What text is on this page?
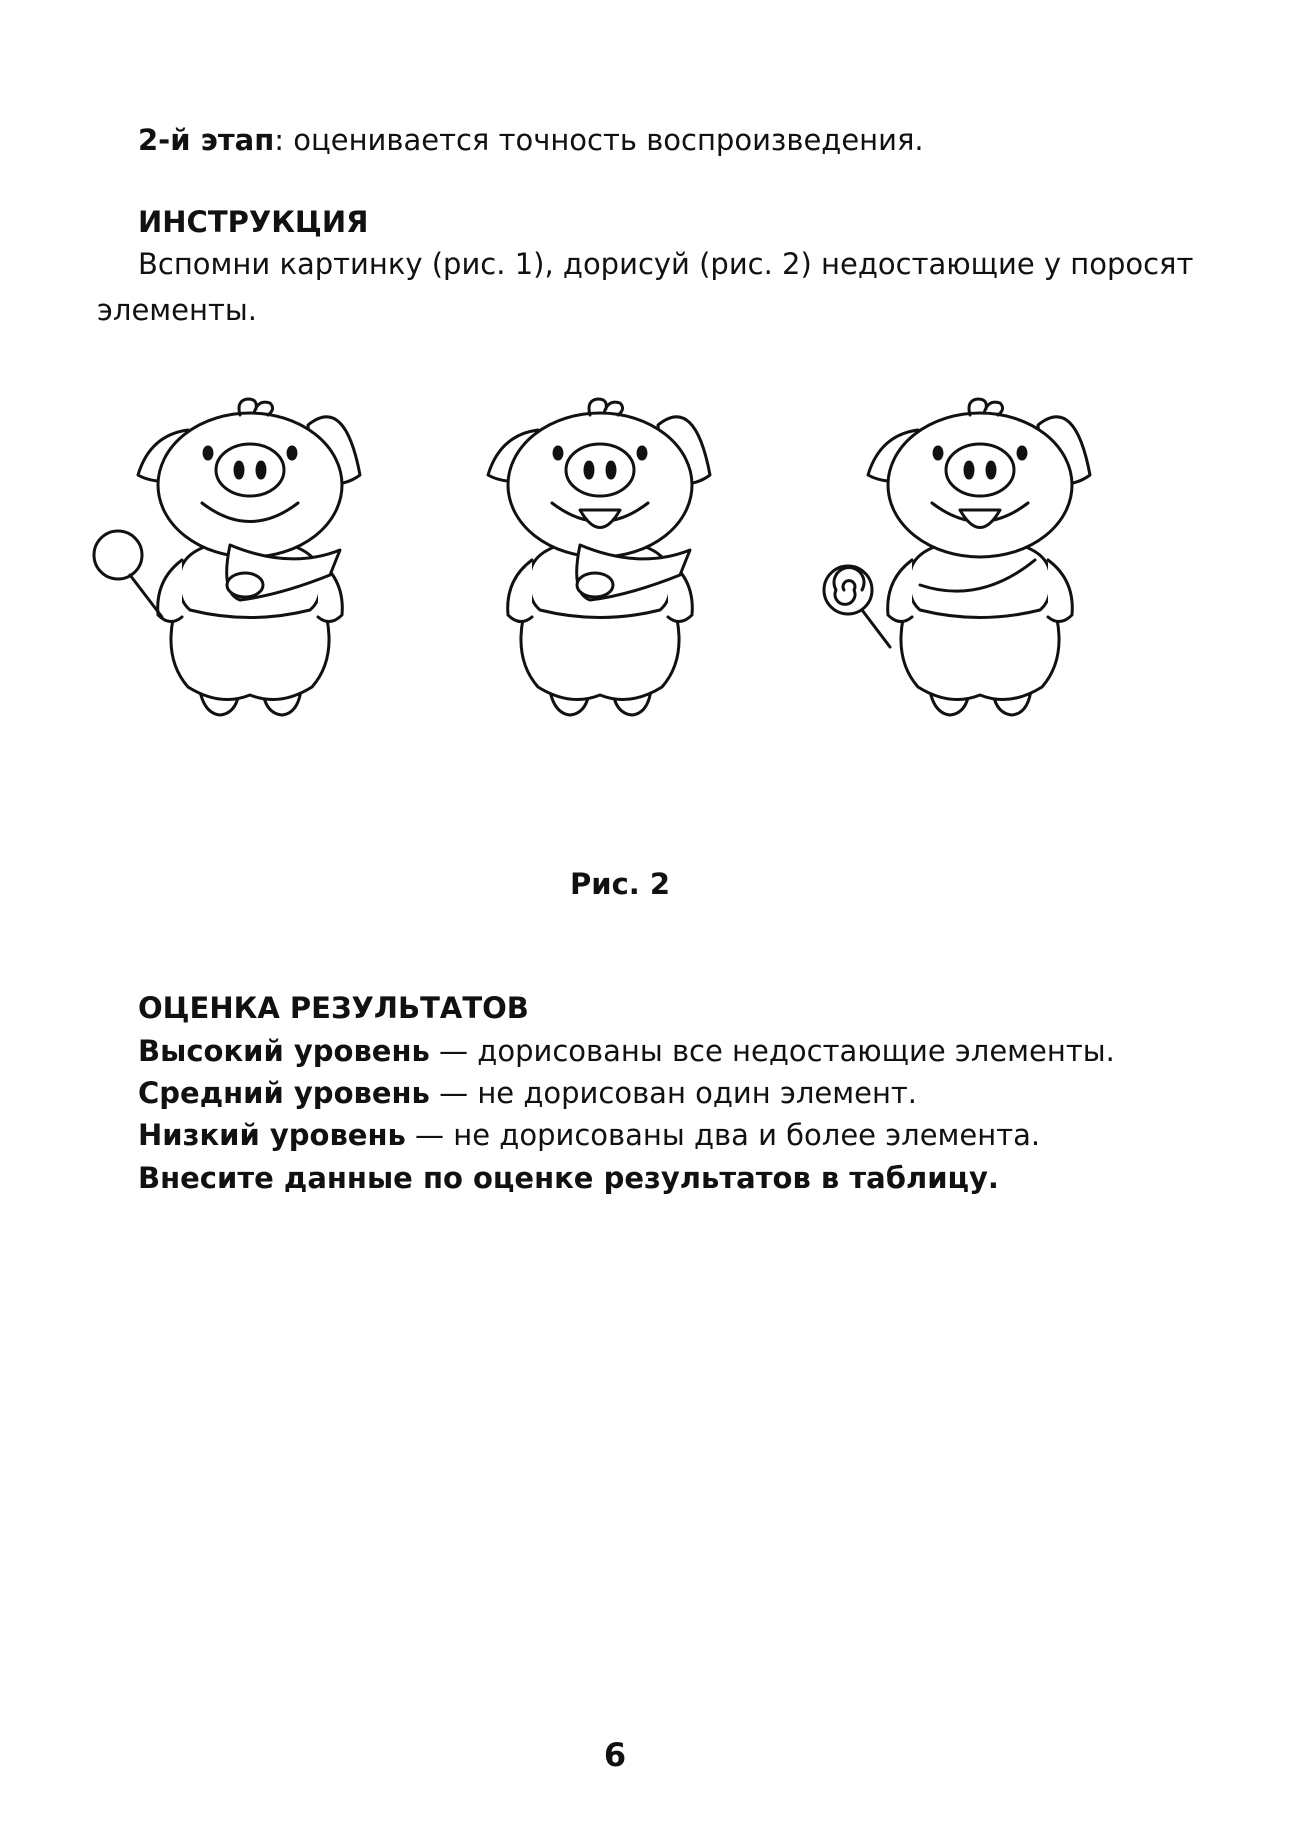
2-й этап: оценивается точность воспроизведения.
ИНСТРУКЦИЯ
Вспомни картинку (рис. 1), дорисуй (рис. 2) недостающие у поросят
элементы.
Рис. 2
ОЦЕНКА РЕЗУЛЬТАТОВ
Высокий уровень — дорисованы все недостающие элементы.
Средний уровень — не дорисован один элемент.
Низкий уровень — не дорисованы два и более элемента.
Внесите данные по оценке результатов в таблицу.
6
